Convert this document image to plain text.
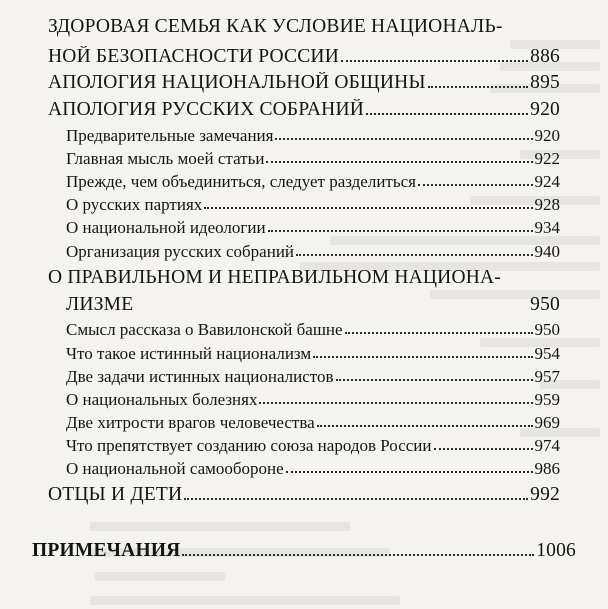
ЗДОРОВАЯ СЕМЬЯ КАК УСЛОВИЕ НАЦИОНАЛЬ-
НОЙ БЕЗОПАСНОСТИ РОССИИ	886
АПОЛОГИЯ НАЦИОНАЛЬНОЙ ОБЩИНЫ	895
АПОЛОГИЯ РУССКИХ СОБРАНИЙ	920
Предварительные замечания	920
Главная мысль моей статьи	922
Прежде, чем объединиться, следует разделиться	924
О русских партиях	928
О национальной идеологии	934
Организация русских собраний	940
О ПРАВИЛЬНОМ И НЕПРАВИЛЬНОМ НАЦИОНА-
ЛИЗМЕ	950
Смысл рассказа о Вавилонской башне	950
Что такое истинный национализм	954
Две задачи истинных националистов	957
О национальных болезнях	959
Две хитрости врагов человечества	969
Что препятствует созданию союза народов России	974
О национальной самообороне	986
ОТЦЫ И ДЕТИ	992
ПРИМЕЧАНИЯ	1006
